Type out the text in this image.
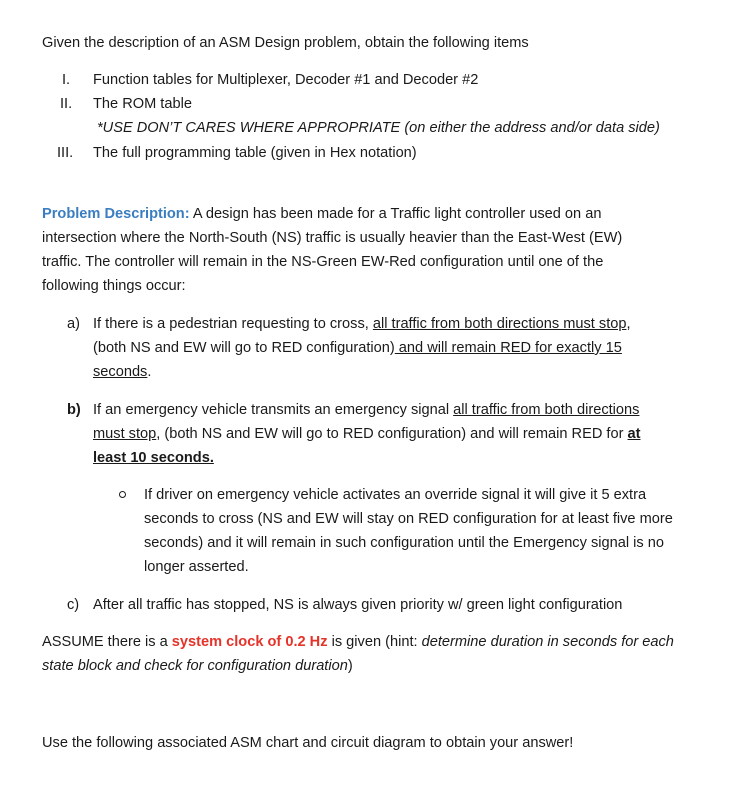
Given the description of an ASM Design problem, obtain the following items
I. Function tables for Multiplexer, Decoder #1 and Decoder #2
II. The ROM table
*USE DON’T CARES WHERE APPROPRIATE (on either the address and/or data side)
III. The full programming table (given in Hex notation)
Problem Description: A design has been made for a Traffic light controller used on an
intersection where the North-South (NS) traffic is usually heavier than the East-West (EW)
traffic. The controller will remain in the NS-Green EW-Red configuration until one of the
following things occur:
a) If there is a pedestrian requesting to cross, all traffic from both directions must stop,
(both NS and EW will go to RED configuration) and will remain RED for exactly 15
seconds.
b) If an emergency vehicle transmits an emergency signal all traffic from both directions
must stop, (both NS and EW will go to RED configuration) and will remain RED for at
least 10 seconds.
If driver on emergency vehicle activates an override signal it will give it 5 extra
seconds to cross (NS and EW will stay on RED configuration for at least five more
seconds) and it will remain in such configuration until the Emergency signal is no
longer asserted.
c) After all traffic has stopped, NS is always given priority w/ green light configuration
ASSUME there is a system clock of 0.2 Hz is given (hint: determine duration in seconds for each
state block and check for configuration duration)
Use the following associated ASM chart and circuit diagram to obtain your answer!
